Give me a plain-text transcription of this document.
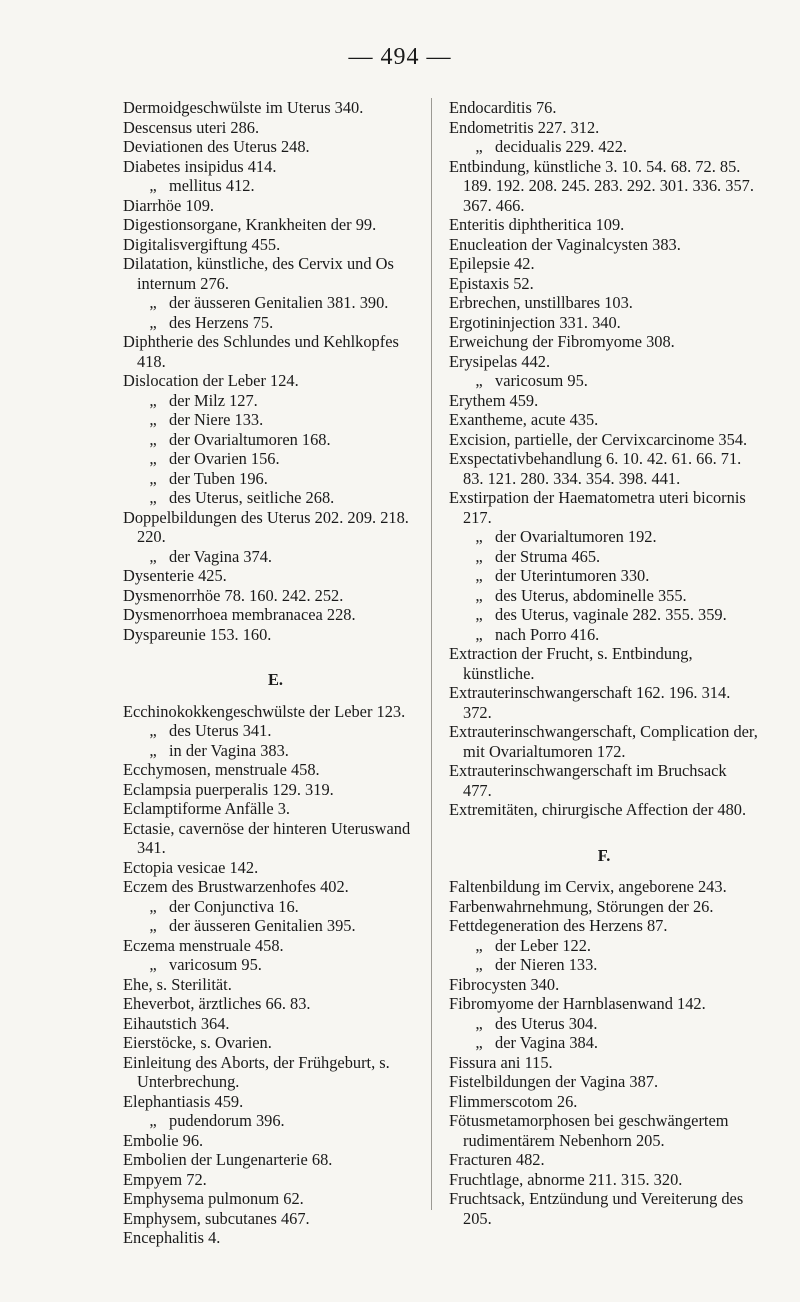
— 494 —
Dermoidgeschwülste im Uterus 340.
Descensus uteri 286.
Deviationen des Uterus 248.
Diabetes insipidus 414.
„ mellitus 412.
Diarrhöe 109.
Digestionsorgane, Krankheiten der 99.
Digitalisvergiftung 455.
Dilatation, künstliche, des Cervix und Os internum 276.
„ der äusseren Genitalien 381. 390.
„ des Herzens 75.
Diphtherie des Schlundes und Kehlkopfes 418.
Dislocation der Leber 124.
„ der Milz 127.
„ der Niere 133.
„ der Ovarialtumoren 168.
„ der Ovarien 156.
„ der Tuben 196.
„ des Uterus, seitliche 268.
Doppelbildungen des Uterus 202. 209. 218. 220.
„ der Vagina 374.
Dysenterie 425.
Dysmenorrhöe 78. 160. 242. 252.
Dysmenorrhoea membranacea 228.
Dyspareunie 153. 160.
E.
Ecchinokokkengeschwülste der Leber 123.
„ des Uterus 341.
„ in der Vagina 383.
Ecchymosen, menstruale 458.
Eclampsia puerperalis 129. 319.
Eclamptiforme Anfälle 3.
Ectasie, cavernöse der hinteren Uteruswand 341.
Ectopia vesicae 142.
Eczem des Brustwarzenhofes 402.
„ der Conjunctiva 16.
„ der äusseren Genitalien 395.
Eczema menstruale 458.
„ varicosum 95.
Ehe, s. Sterilität.
Eheverbot, ärztliches 66. 83.
Eihautstich 364.
Eierstöcke, s. Ovarien.
Einleitung des Aborts, der Frühgeburt, s. Unterbrechung.
Elephantiasis 459.
„ pudendorum 396.
Embolie 96.
Embolien der Lungenarterie 68.
Empyem 72.
Emphysema pulmonum 62.
Emphysem, subcutanes 467.
Encephalitis 4.
Endocarditis 76.
Endometritis 227. 312.
„ decidualis 229. 422.
Entbindung, künstliche 3. 10. 54. 68. 72. 85. 189. 192. 208. 245. 283. 292. 301. 336. 357. 367. 466.
Enteritis diphtheritica 109.
Enucleation der Vaginalcysten 383.
Epilepsie 42.
Epistaxis 52.
Erbrechen, unstillbares 103.
Ergotininjection 331. 340.
Erweichung der Fibromyome 308.
Erysipelas 442.
„ varicosum 95.
Erythem 459.
Exantheme, acute 435.
Excision, partielle, der Cervixcarcinome 354.
Exspectativbehandlung 6. 10. 42. 61. 66. 71. 83. 121. 280. 334. 354. 398. 441.
Exstirpation der Haematometra uteri bicornis 217.
„ der Ovarialtumoren 192.
„ der Struma 465.
„ der Uterintumoren 330.
„ des Uterus, abdominelle 355.
„ des Uterus, vaginale 282. 355. 359.
„ nach Porro 416.
Extraction der Frucht, s. Entbindung, künstliche.
Extrauterinschwangerschaft 162. 196. 314. 372.
Extrauterinschwangerschaft, Complication der, mit Ovarialtumoren 172.
Extrauterinschwangerschaft im Bruchsack 477.
Extremitäten, chirurgische Affection der 480.
F.
Faltenbildung im Cervix, angeborene 243.
Farbenwahrnehmung, Störungen der 26.
Fettdegeneration des Herzens 87.
„ der Leber 122.
„ der Nieren 133.
Fibrocysten 340.
Fibromyome der Harnblasenwand 142.
„ des Uterus 304.
„ der Vagina 384.
Fissura ani 115.
Fistelbildungen der Vagina 387.
Flimmerscotom 26.
Fötusmetamorphosen bei geschwängertem rudimentärem Nebenhorn 205.
Fracturen 482.
Fruchtlage, abnorme 211. 315. 320.
Fruchtsack, Entzündung und Vereiterung des 205.
